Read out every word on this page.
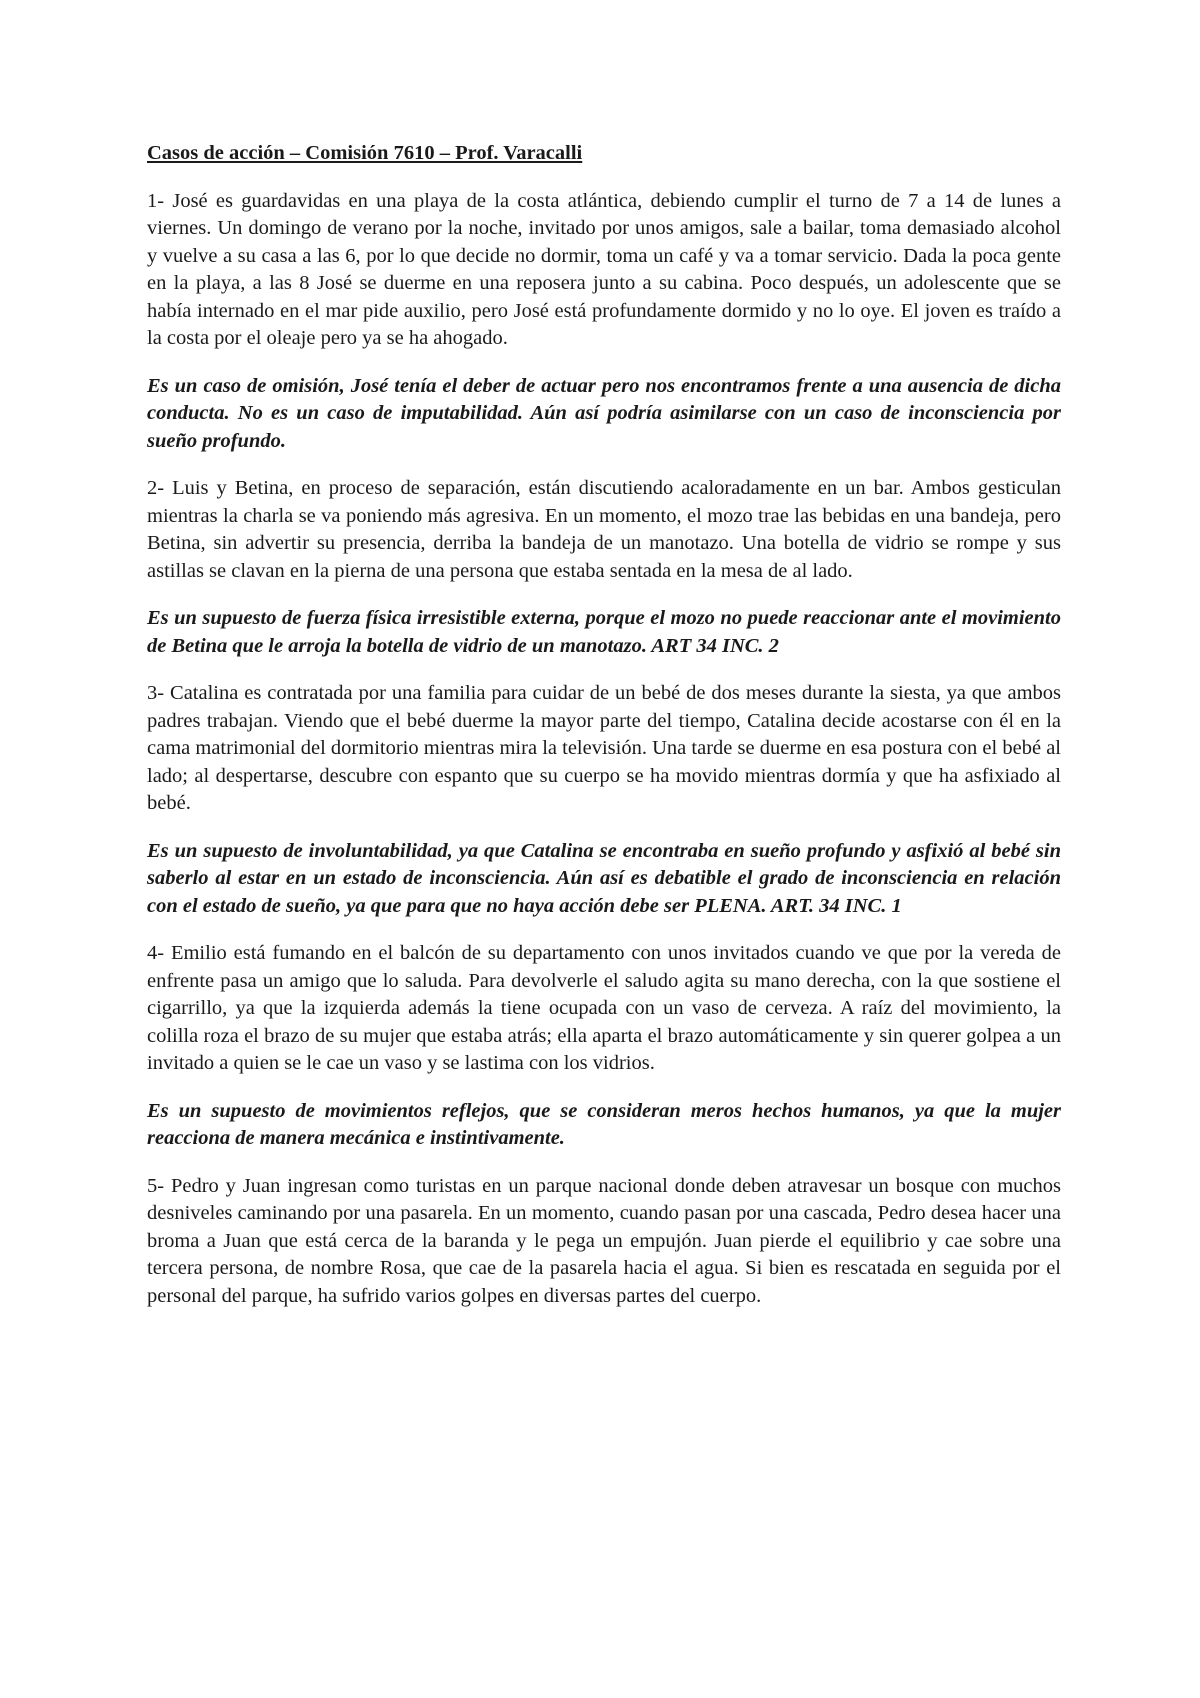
Casos de acción – Comisión 7610 – Prof. Varacalli

1- José es guardavidas en una playa de la costa atlántica, debiendo cumplir el turno de 7 a 14 de lunes a viernes. Un domingo de verano por la noche, invitado por unos amigos, sale a bailar, toma demasiado alcohol y vuelve a su casa a las 6, por lo que decide no dormir, toma un café y va a tomar servicio. Dada la poca gente en la playa, a las 8 José se duerme en una reposera junto a su cabina. Poco después, un adolescente que se había internado en el mar pide auxilio, pero José está profundamente dormido y no lo oye. El joven es traído a la costa por el oleaje pero ya se ha ahogado.

Es un caso de omisión, José tenía el deber de actuar pero nos encontramos frente a una ausencia de dicha conducta. No es un caso de imputabilidad. Aún así podría asimilarse con un caso de inconsciencia por sueño profundo.

2- Luis y Betina, en proceso de separación, están discutiendo acaloradamente en un bar. Ambos gesticulan mientras la charla se va poniendo más agresiva. En un momento, el mozo trae las bebidas en una bandeja, pero Betina, sin advertir su presencia, derriba la bandeja de un manotazo. Una botella de vidrio se rompe y sus astillas se clavan en la pierna de una persona que estaba sentada en la mesa de al lado.

Es un supuesto de fuerza física irresistible externa, porque el mozo no puede reaccionar ante el movimiento de Betina que le arroja la botella de vidrio de un manotazo. ART 34 INC. 2

3- Catalina es contratada por una familia para cuidar de un bebé de dos meses durante la siesta, ya que ambos padres trabajan. Viendo que el bebé duerme la mayor parte del tiempo, Catalina decide acostarse con él en la cama matrimonial del dormitorio mientras mira la televisión. Una tarde se duerme en esa postura con el bebé al lado; al despertarse, descubre con espanto que su cuerpo se ha movido mientras dormía y que ha asfixiado al bebé.

Es un supuesto de involuntabilidad, ya que Catalina se encontraba en sueño profundo y asfixió al bebé sin saberlo al estar en un estado de inconsciencia. Aún así es debatible el grado de inconsciencia en relación con el estado de sueño, ya que para que no haya acción debe ser PLENA. ART. 34 INC. 1

4- Emilio está fumando en el balcón de su departamento con unos invitados cuando ve que por la vereda de enfrente pasa un amigo que lo saluda. Para devolverle el saludo agita su mano derecha, con la que sostiene el cigarrillo, ya que la izquierda además la tiene ocupada con un vaso de cerveza. A raíz del movimiento, la colilla roza el brazo de su mujer que estaba atrás; ella aparta el brazo automáticamente y sin querer golpea a un invitado a quien se le cae un vaso y se lastima con los vidrios.

Es un supuesto de movimientos reflejos, que se consideran meros hechos humanos, ya que la mujer reacciona de manera mecánica e instintivamente.

5- Pedro y Juan ingresan como turistas en un parque nacional donde deben atravesar un bosque con muchos desniveles caminando por una pasarela. En un momento, cuando pasan por una cascada, Pedro desea hacer una broma a Juan que está cerca de la baranda y le pega un empujón. Juan pierde el equilibrio y cae sobre una tercera persona, de nombre Rosa, que cae de la pasarela hacia el agua. Si bien es rescatada en seguida por el personal del parque, ha sufrido varios golpes en diversas partes del cuerpo.
